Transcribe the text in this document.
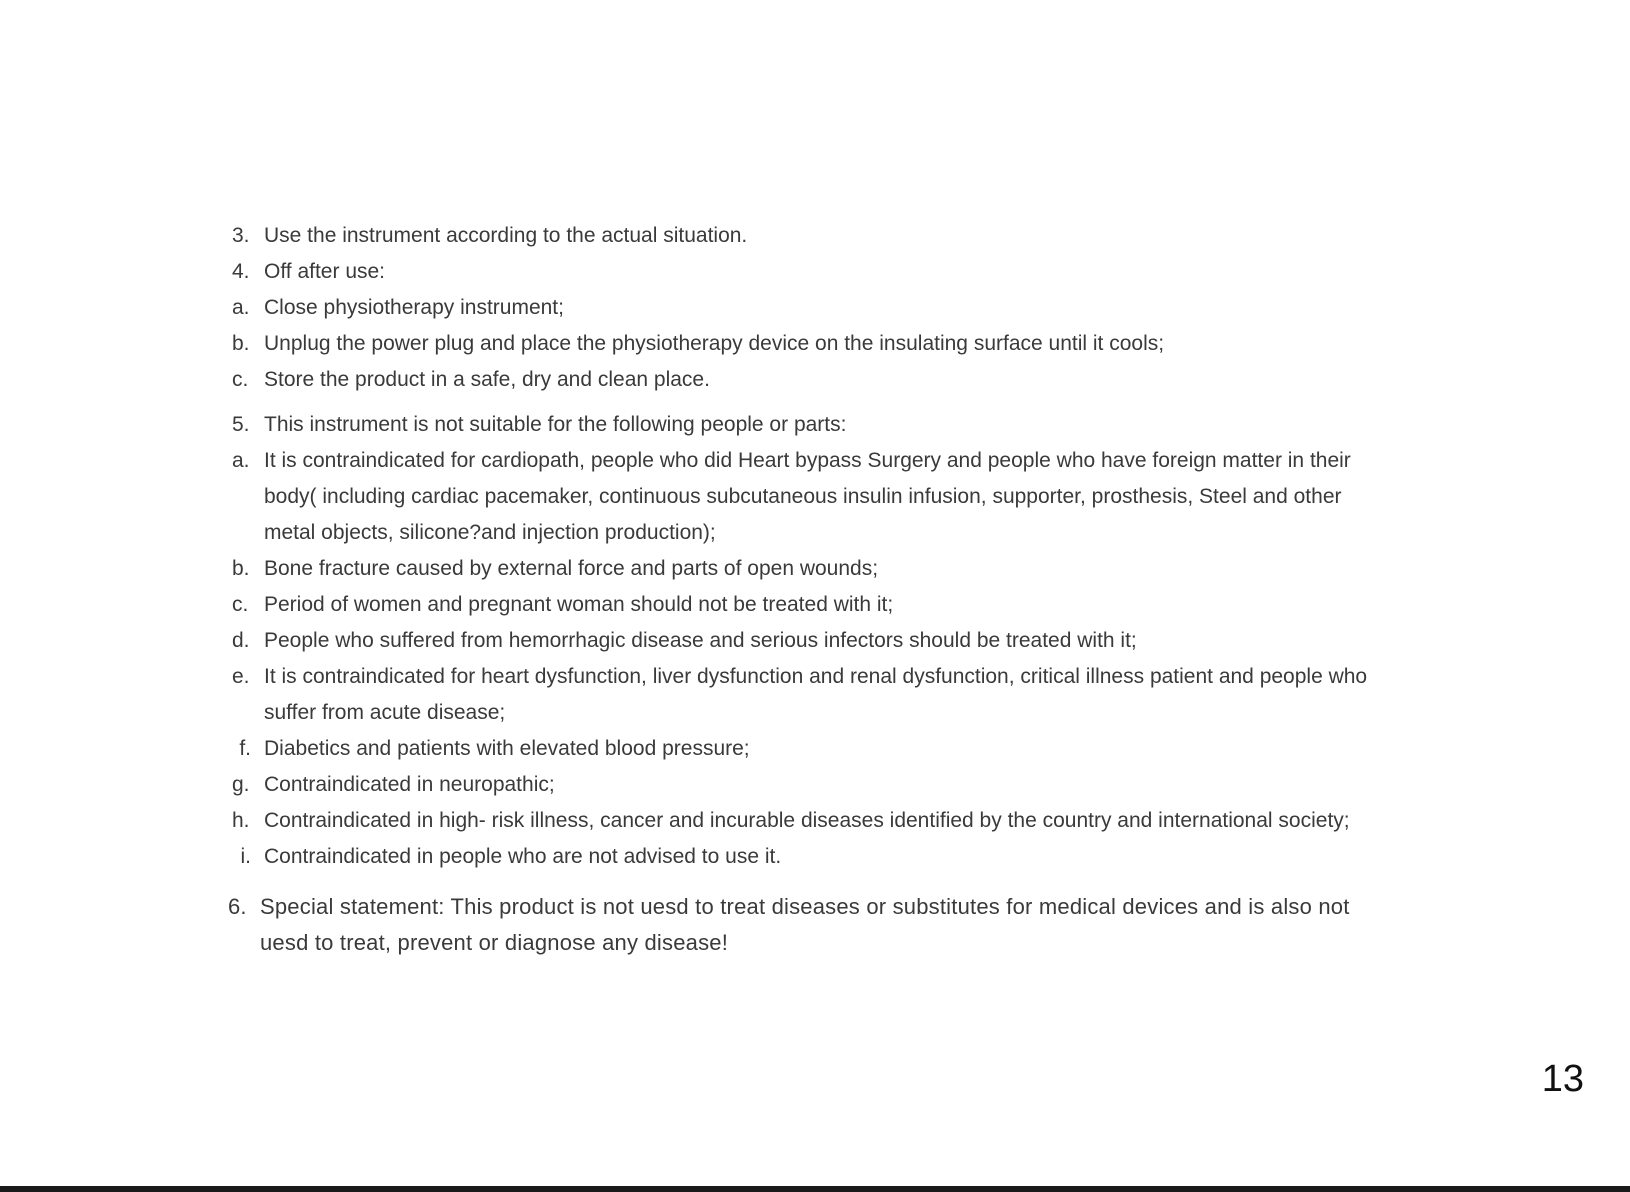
3. Use the instrument according to the actual situation.
4. Off after use:
a. Close physiotherapy instrument;
b. Unplug the power plug and place the physiotherapy device on the insulating surface until it cools;
c. Store the product in a safe, dry and clean place.
5. This instrument is not suitable for the following people or parts:
a. It is contraindicated for cardiopath, people who did Heart bypass Surgery and people who have foreign matter in their
body( including cardiac pacemaker, continuous subcutaneous insulin infusion, supporter, prosthesis, Steel and other
metal objects, silicone?and injection production);
b. Bone fracture caused by external force and parts of open wounds;
c. Period of women and pregnant woman should not be treated with it;
d. People who suffered from hemorrhagic disease and serious infectors should be treated with it;
e. It is contraindicated for heart dysfunction, liver dysfunction and renal dysfunction, critical illness patient and people who
suffer from acute disease;
f. Diabetics and patients with elevated blood pressure;
g. Contraindicated in neuropathic;
h. Contraindicated in high- risk illness, cancer and incurable diseases identified by the country and international society;
i. Contraindicated in people who are not advised to use it.
6. Special statement: This product is not uesd to treat diseases or substitutes for medical devices and is also not
uesd to treat, prevent or diagnose any disease!
13
